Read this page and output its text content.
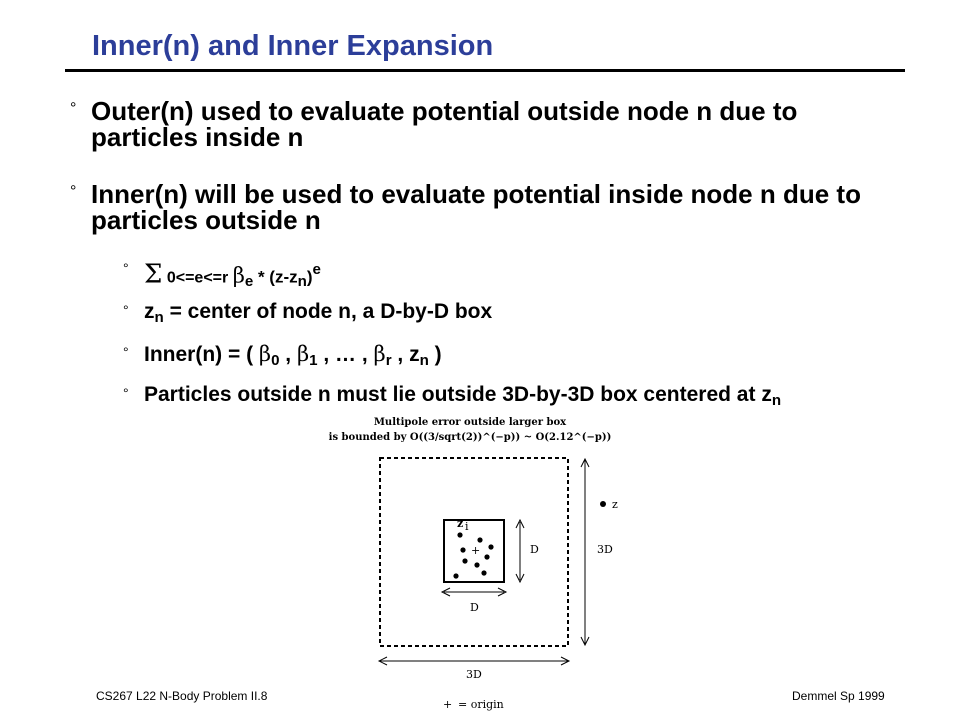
Inner(n) and Inner Expansion
° Outer(n) used to evaluate potential outside node n due to particles inside n
° Inner(n) will be used to evaluate potential inside node n due to particles outside n
° Σ 0<=e<=r $\beta_e * (z-z_n)^e$
° $z_n$ = center of node n, a D-by-D box
° Inner(n) = ( $\beta_0$ , $\beta_1$ , … , $\beta_r$ , $z_n$ )
° Particles outside n must lie outside 3D-by-3D box centered at $z_n$
Multipole error outside larger box
is bounded by O((3/sqrt(2))^(−p)) ~ O(2.12^(−p))
z i
+	D
D
3D
3D
z
+ = origin
CS267 L22 N-Body Problem II.8	Demmel Sp 1999
